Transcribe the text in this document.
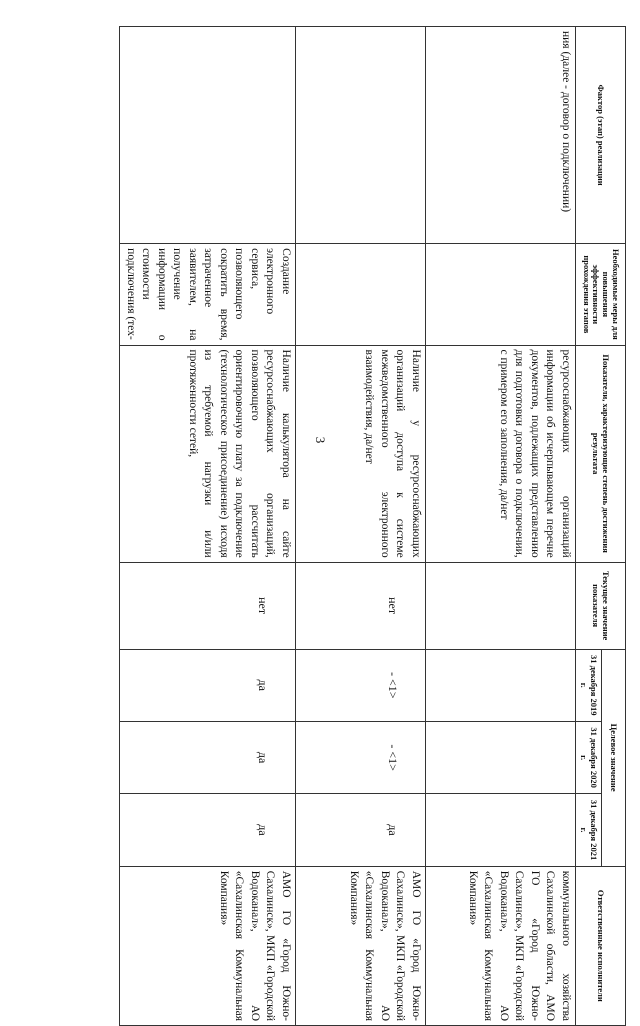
3
Фактор (этап) реализации	Необходимые меры для повышения эффективности прохождения этапов	Показатели, характеризующие степень достижения результата	Текущее значение показателя	Целевое значение			Ответственные исполнители
				31 декабря 2019 г.	31 декабря 2020 г.	31 декабря 2021 г.	
ния (далее - договор о подключении)		ресурсоснабжающих организаций информации об исчерпывающем перечне документов, подлежащих представлению для подготовки договора о подключении, с примером его заполнения, да/нет					коммунального хозяйства Сахалинской области, АМО ГО «Город Южно-Сахалинск», МКП «Городской Водоканал», АО «Сахалинская Коммунальная Компания»
		Наличие у ресурсоснабжающих организаций доступа к системе межведомственного электронного взаимодействия, да/нет	нет	- <1>	- <1>	да	АМО ГО «Город Южно-Сахалинск», МКП «Городской Водоканал», АО «Сахалинская Коммунальная Компания»
	Создание электронного сервиса, позволяющего сократить время, затраченное заявителем, на получение информации о стоимости подключения (тех-	Наличие калькулятора на сайте ресурсоснабжающих организаций, позволяющего рассчитать ориентировочную плату за подключение (технологическое присоединение) исходя из требуемой нагрузки и/или протяженности сетей,	нет	да	да	да	АМО ГО «Город Южно-Сахалинск», МКП «Городской Водоканал», АО «Сахалинская Коммунальная Компания»
